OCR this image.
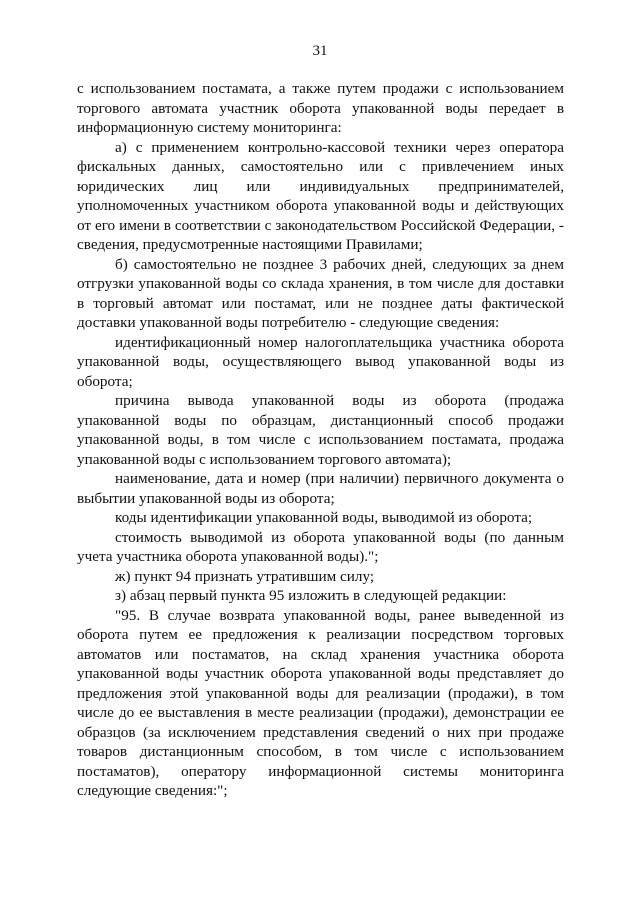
31

с использованием постамата, а также путем продажи с использованием торгового автомата участник оборота упакованной воды передает в информационную систему мониторинга:

а) с применением контрольно-кассовой техники через оператора фискальных данных, самостоятельно или с привлечением иных юридических лиц или индивидуальных предпринимателей, уполномоченных участником оборота упакованной воды и действующих от его имени в соответствии с законодательством Российской Федерации, - сведения, предусмотренные настоящими Правилами;

б) самостоятельно не позднее 3 рабочих дней, следующих за днем отгрузки упакованной воды со склада хранения, в том числе для доставки в торговый автомат или постамат, или не позднее даты фактической доставки упакованной воды потребителю - следующие сведения:

идентификационный номер налогоплательщика участника оборота упакованной воды, осуществляющего вывод упакованной воды из оборота;

причина вывода упакованной воды из оборота (продажа упакованной воды по образцам, дистанционный способ продажи упакованной воды, в том числе с использованием постамата, продажа упакованной воды с использованием торгового автомата);

наименование, дата и номер (при наличии) первичного документа о выбытии упакованной воды из оборота;

коды идентификации упакованной воды, выводимой из оборота;

стоимость выводимой из оборота упакованной воды (по данным учета участника оборота упакованной воды).";

ж) пункт 94 признать утратившим силу;

з) абзац первый пункта 95 изложить в следующей редакции:

"95. В случае возврата упакованной воды, ранее выведенной из оборота путем ее предложения к реализации посредством торговых автоматов или постаматов, на склад хранения участника оборота упакованной воды участник оборота упакованной воды представляет до предложения этой упакованной воды для реализации (продажи), в том числе до ее выставления в месте реализации (продажи), демонстрации ее образцов (за исключением представления сведений о них при продаже товаров дистанционным способом, в том числе с использованием постаматов), оператору информационной системы мониторинга следующие сведения:";
